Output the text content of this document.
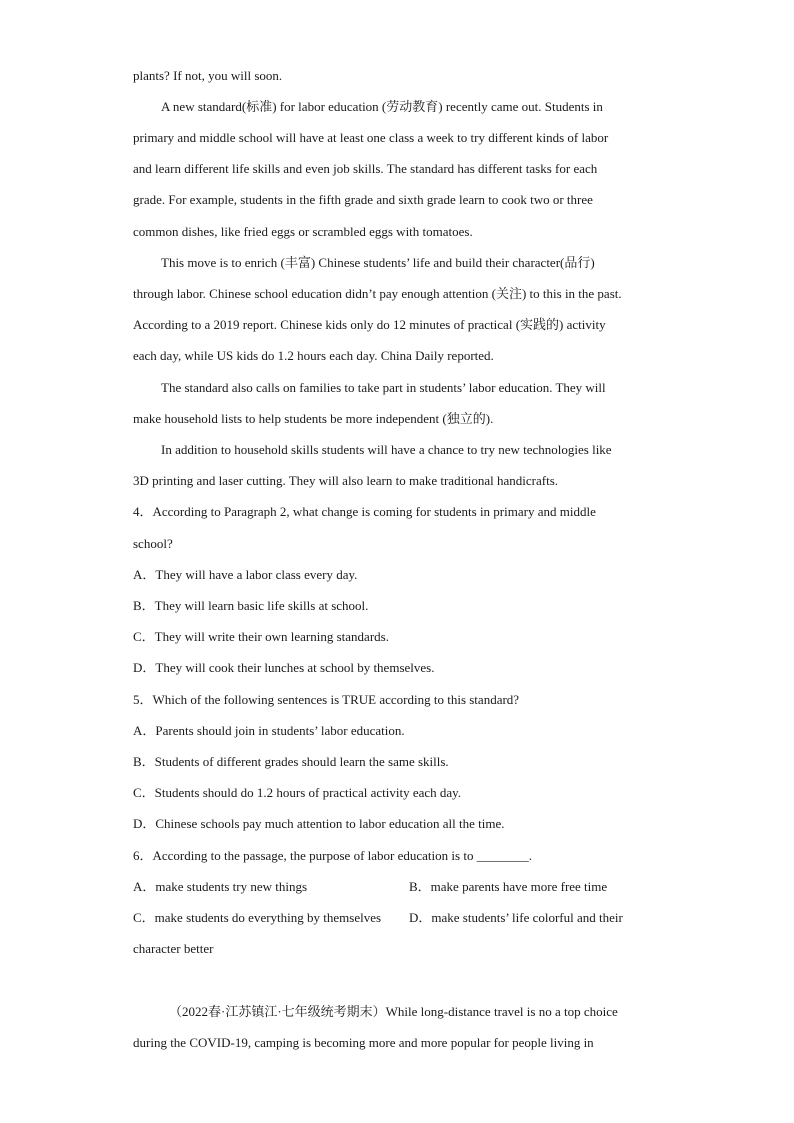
plants? If not, you will soon.
A new standard(标准) for labor education (劳动教育) recently came out. Students in
primary and middle school will have at least one class a week to try different kinds of labor
and learn different life skills and even job skills. The standard has different tasks for each
grade. For example, students in the fifth grade and sixth grade learn to cook two or three
common dishes, like fried eggs or scrambled eggs with tomatoes.
This move is to enrich (丰富) Chinese students’ life and build their character(品行)
through labor. Chinese school education didn’t pay enough attention (关注) to this in the past.
According to a 2019 report. Chinese kids only do 12 minutes of practical (实践的) activity
each day, while US kids do 1.2 hours each day. China Daily reported.
The standard also calls on families to take part in students’ labor education. They will
make household lists to help students be more independent (独立的).
In addition to household skills students will have a chance to try new technologies like
3D printing and laser cutting. They will also learn to make traditional handicrafts.
4．According to Paragraph 2, what change is coming for students in primary and middle
school?
A．They will have a labor class every day.
B．They will learn basic life skills at school.
C．They will write their own learning standards.
D．They will cook their lunches at school by themselves.
5．Which of the following sentences is TRUE according to this standard?
A．Parents should join in students’ labor education.
B．Students of different grades should learn the same skills.
C．Students should do 1.2 hours of practical activity each day.
D．Chinese schools pay much attention to labor education all the time.
6．According to the passage, the purpose of labor education is to ________.
A．make students try new things	B．make parents have more free time
C．make students do everything by themselves D．make students’ life colorful and their
character better
（2022春·江苏镇江·七年级统考期末）While long-distance travel is no a top choice
during the COVID-19, camping is becoming more and more popular for people living in
